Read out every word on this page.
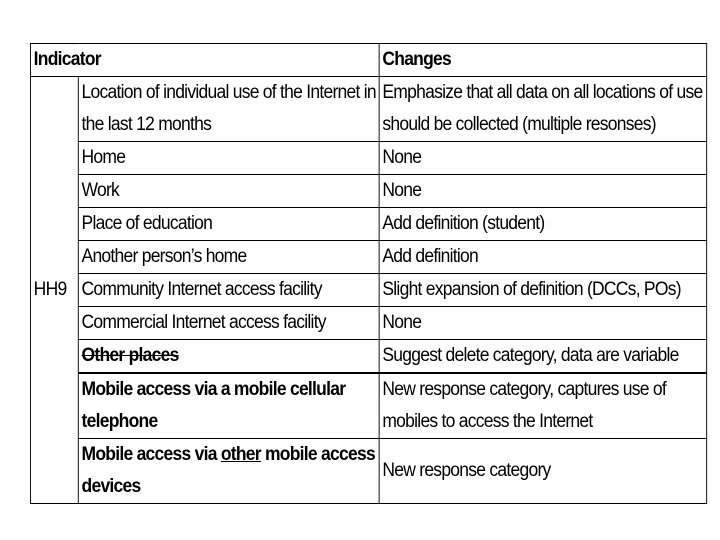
Indicator		Changes
HH9	Location of individual use of the Internet in the last 12 months	Emphasize that all data on all locations of use should be collected (multiple resonses)
	Home	None
	Work	None
	Place of education	Add definition (student)
	Another person’s home	Add definition
	Community Internet access facility	Slight expansion of definition (DCCs, POs)
	Commercial Internet access facility	None
	Other places	Suggest delete category, data are variable
	Mobile access via a mobile cellular telephone	New response category, captures use of mobiles to access the Internet
	Mobile access via other mobile access devices	New response category
